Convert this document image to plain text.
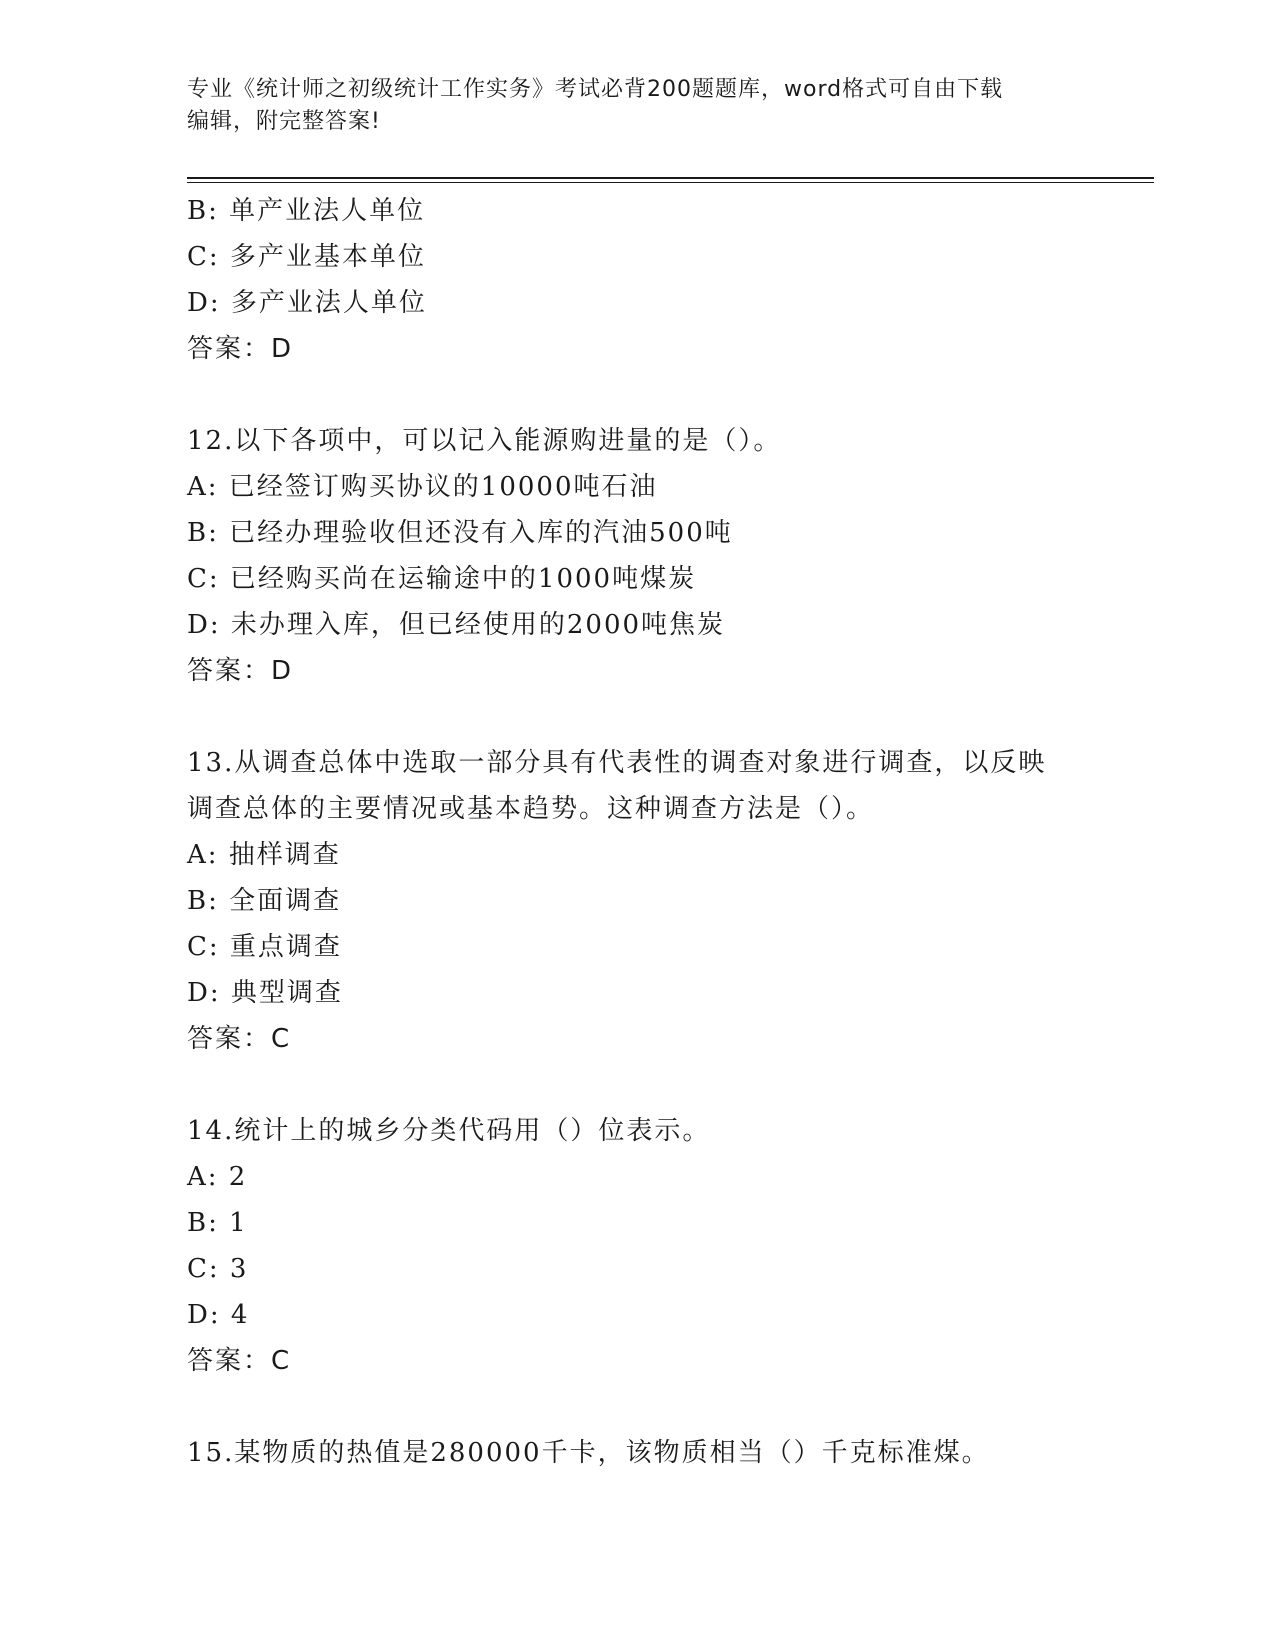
专业《统计师之初级统计工作实务》考试必背200题题库，word格式可自由下载
编辑，附完整答案!
B: 单产业法人单位
C: 多产业基本单位
D: 多产业法人单位
答案：D
12.以下各项中，可以记入能源购进量的是（）。
A: 已经签订购买协议的10000吨石油
B: 已经办理验收但还没有入库的汽油500吨
C: 已经购买尚在运输途中的1000吨煤炭
D: 未办理入库，但已经使用的2000吨焦炭
答案：D
13.从调查总体中选取一部分具有代表性的调查对象进行调查，以反映
调查总体的主要情况或基本趋势。这种调查方法是（）。
A: 抽样调查
B: 全面调查
C: 重点调查
D: 典型调查
答案：C
14.统计上的城乡分类代码用（）位表示。
A: 2
B: 1
C: 3
D: 4
答案：C
15.某物质的热值是280000千卡，该物质相当（）千克标准煤。
